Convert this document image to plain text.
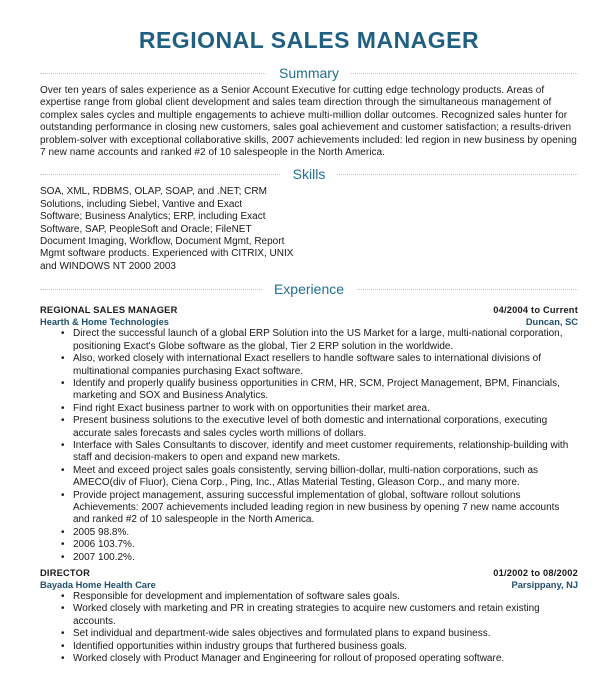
REGIONAL SALES MANAGER
Summary

Over ten years of sales experience as a Senior Account Executive for cutting edge technology products. Areas of expertise range from global client development and sales team direction through the simultaneous management of complex sales cycles and multiple engagements to achieve multi-million dollar outcomes. Recognized sales hunter for outstanding performance in closing new customers, sales goal achievement and customer satisfaction; a results-driven problem-solver with exceptional collaborative skills, 2007 achievements included: led region in new business by opening 7 new name accounts and ranked #2 of 10 salespeople in the North America.

Skills
SOA, XML, RDBMS, OLAP, SOAP, and .NET; CRM
Solutions, including Siebel, Vantive and Exact
Software; Business Analytics; ERP, including Exact
Software, SAP, PeopleSoft and Oracle; FileNET
Document Imaging, Workflow, Document Mgmt, Report
Mgmt software products. Experienced with CITRIX, UNIX
and WINDOWS NT 2000 2003
Experience
REGIONAL SALES MANAGER	04/2004 to Current
Hearth & Home Technologies	Duncan, SC
• Direct the successful launch of a global ERP Solution into the US Market for a large, multi-national corporation, positioning Exact's Globe software as the global, Tier 2 ERP solution in the worldwide.
• Also, worked closely with international Exact resellers to handle software sales to international divisions of multinational companies purchasing Exact software.
• Identify and properly qualify business opportunities in CRM, HR, SCM, Project Management, BPM, Financials, marketing and SOX and Business Analytics.
• Find right Exact business partner to work with on opportunities their market area.
• Present business solutions to the executive level of both domestic and international corporations, executing accurate sales forecasts and sales cycles worth millions of dollars.
• Interface with Sales Consultants to discover, identify and meet customer requirements, relationship-building with staff and decision-makers to open and expand new markets.
• Meet and exceed project sales goals consistently, serving billion-dollar, multi-nation corporations, such as AMECO(div of Fluor), Ciena Corp., Ping, Inc., Atlas Material Testing, Gleason Corp., and many more.
• Provide project management, assuring successful implementation of global, software rollout solutions Achievements: 2007 achievements included leading region in new business by opening 7 new name accounts and ranked #2 of 10 salespeople in the North America.
• 2005 98.8%.
• 2006 103.7%.
• 2007 100.2%.
DIRECTOR	01/2002 to 08/2002
Bayada Home Health Care	Parsippany, NJ
• Responsible for development and implementation of software sales goals.
• Worked closely with marketing and PR in creating strategies to acquire new customers and retain existing accounts.
• Set individual and department-wide sales objectives and formulated plans to expand business.
• Identified opportunities within industry groups that furthered business goals.
• Worked closely with Product Manager and Engineering for rollout of proposed operating software.
